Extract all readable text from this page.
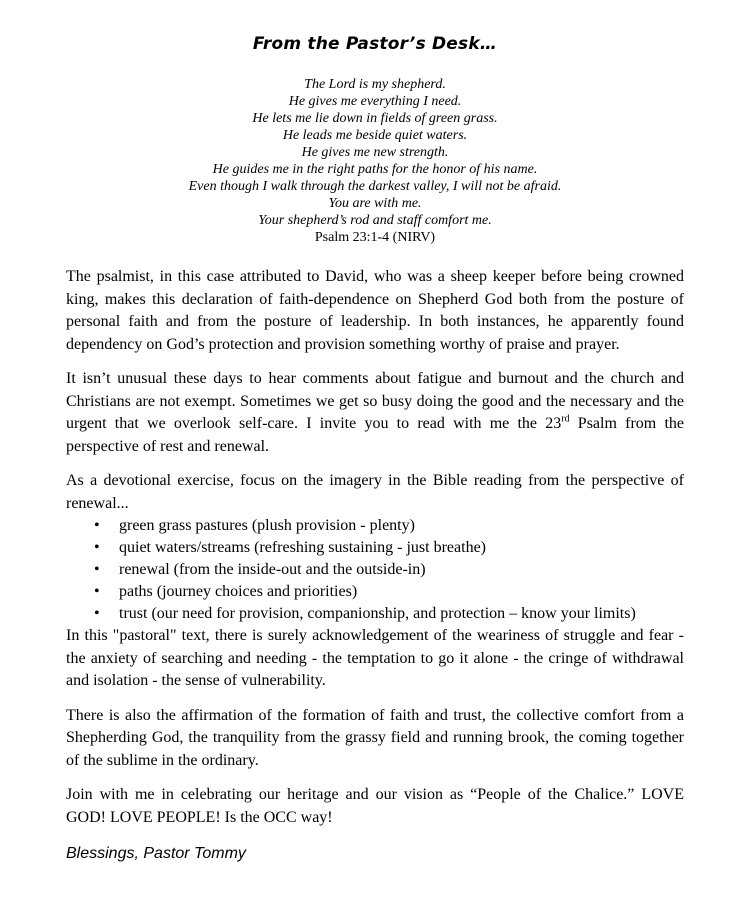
From the Pastor’s Desk…
The Lord is my shepherd.
He gives me everything I need.
He lets me lie down in fields of green grass.
He leads me beside quiet waters.
He gives me new strength.
He guides me in the right paths for the honor of his name.
Even though I walk through the darkest valley, I will not be afraid.
You are with me.
Your shepherd’s rod and staff comfort me.
Psalm 23:1-4 (NIRV)

The psalmist, in this case attributed to David, who was a sheep keeper before being crowned king, makes this declaration of faith-dependence on Shepherd God both from the posture of personal faith and from the posture of leadership. In both instances, he apparently found dependency on God’s protection and provision something worthy of praise and prayer.

It isn’t unusual these days to hear comments about fatigue and burnout and the church and Christians are not exempt. Sometimes we get so busy doing the good and the necessary and the urgent that we overlook self-care. I invite you to read with me the 23rd Psalm from the perspective of rest and renewal.

As a devotional exercise, focus on the imagery in the Bible reading from the perspective of renewal...

• green grass pastures (plush provision - plenty)
• quiet waters/streams (refreshing sustaining - just breathe)
• renewal (from the inside-out and the outside-in)
• paths (journey choices and priorities)
• trust (our need for provision, companionship, and protection – know your limits)

In this "pastoral" text, there is surely acknowledgement of the weariness of struggle and fear - the anxiety of searching and needing - the temptation to go it alone - the cringe of withdrawal and isolation - the sense of vulnerability.

There is also the affirmation of the formation of faith and trust, the collective comfort from a Shepherding God, the tranquility from the grassy field and running brook, the coming together of the sublime in the ordinary.

Join with me in celebrating our heritage and our vision as “People of the Chalice.” LOVE GOD! LOVE PEOPLE! Is the OCC way!

Blessings, Pastor Tommy
